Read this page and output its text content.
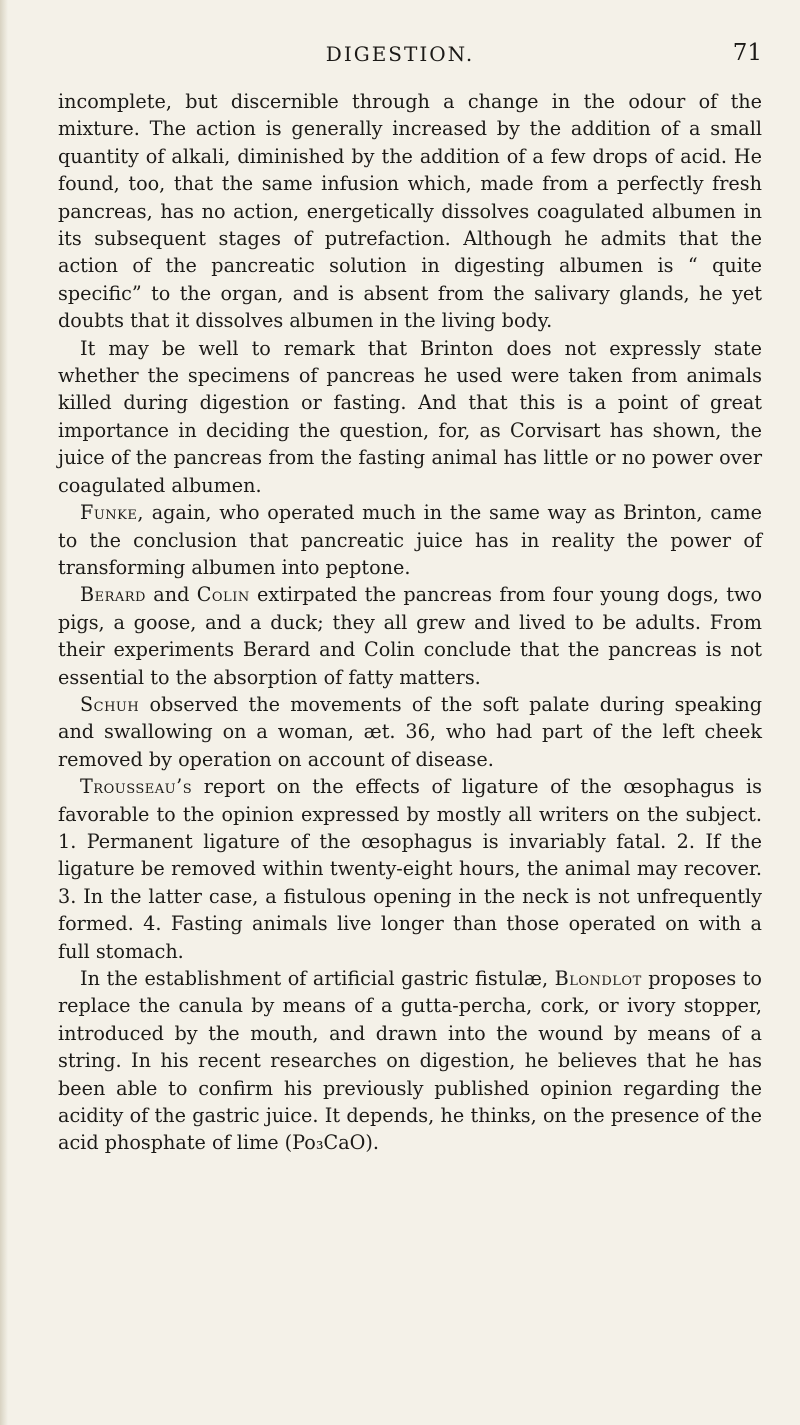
DIGESTION.	71

incomplete, but discernible through a change in the odour of the mixture. The action is generally increased by the addition of a small quantity of alkali, diminished by the addition of a few drops of acid. He found, too, that the same infusion which, made from a perfectly fresh pancreas, has no action, energetically dissolves coagulated albumen in its subsequent stages of putrefaction. Although he admits that the action of the pancreatic solution in digesting albumen is “ quite specific” to the organ, and is absent from the salivary glands, he yet doubts that it dissolves albumen in the living body.

It may be well to remark that Brinton does not expressly state whether the specimens of pancreas he used were taken from animals killed during digestion or fasting. And that this is a point of great importance in deciding the question, for, as Corvisart has shown, the juice of the pancreas from the fasting animal has little or no power over coagulated albumen.

Funke, again, who operated much in the same way as Brinton, came to the conclusion that pancreatic juice has in reality the power of transforming albumen into peptone.

Berard and Colin extirpated the pancreas from four young dogs, two pigs, a goose, and a duck; they all grew and lived to be adults. From their experiments Berard and Colin conclude that the pancreas is not essential to the absorption of fatty matters.

Schuh observed the movements of the soft palate during speaking and swallowing on a woman, æt. 36, who had part of the left cheek removed by operation on account of disease.

Trousseau’s report on the effects of ligature of the œsophagus is favorable to the opinion expressed by mostly all writers on the subject. 1. Permanent ligature of the œsophagus is invariably fatal. 2. If the ligature be removed within twenty-eight hours, the animal may recover. 3. In the latter case, a fistulous opening in the neck is not unfrequently formed. 4. Fasting animals live longer than those operated on with a full stomach.

In the establishment of artificial gastric fistulæ, Blondlot proposes to replace the canula by means of a gutta-percha, cork, or ivory stopper, introduced by the mouth, and drawn into the wound by means of a string. In his recent researches on digestion, he believes that he has been able to confirm his previously published opinion regarding the acidity of the gastric juice. It depends, he thinks, on the presence of the acid phosphate of lime (Po₃CaO).
